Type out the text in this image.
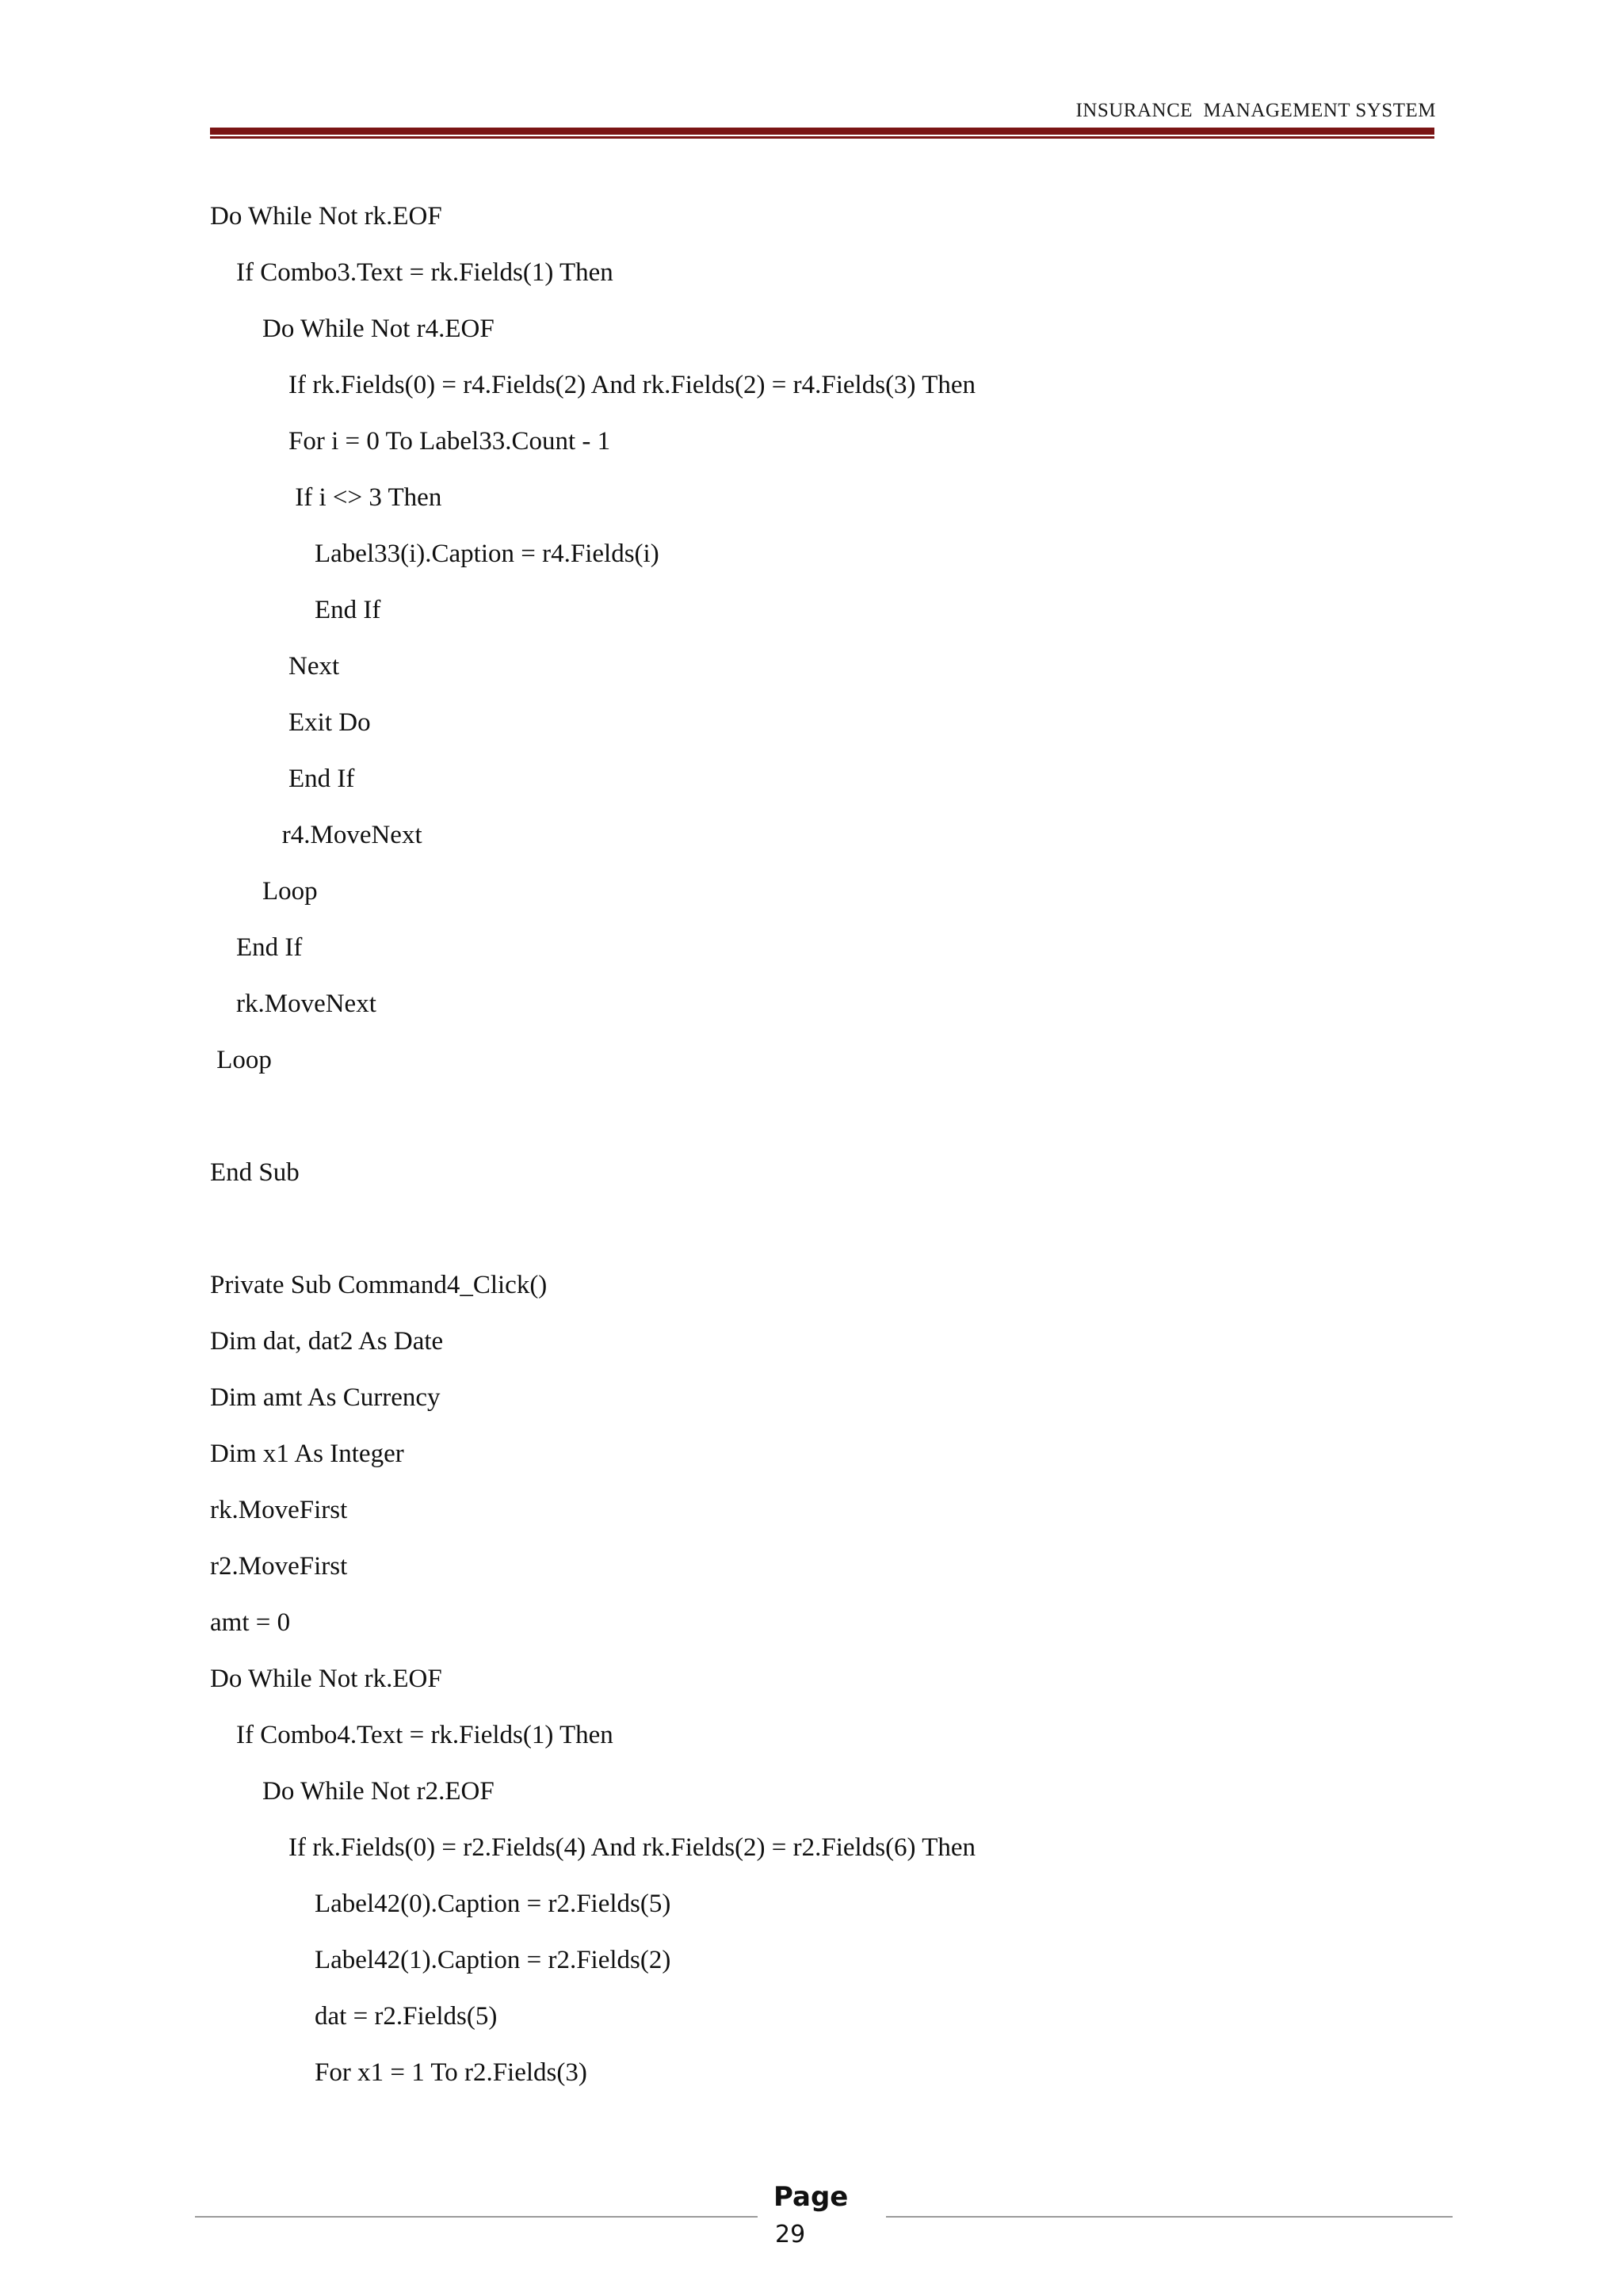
INSURANCE  MANAGEMENT SYSTEM
Do While Not rk.EOF
If Combo3.Text = rk.Fields(1) Then
Do While Not r4.EOF
If rk.Fields(0) = r4.Fields(2) And rk.Fields(2) = r4.Fields(3) Then
For i = 0 To Label33.Count - 1
If i <> 3 Then
Label33(i).Caption = r4.Fields(i)
End If
Next
Exit Do
End If
r4.MoveNext
Loop
End If
rk.MoveNext
Loop
End Sub
Private Sub Command4_Click()
Dim dat, dat2 As Date
Dim amt As Currency
Dim x1 As Integer
rk.MoveFirst
r2.MoveFirst
amt = 0
Do While Not rk.EOF
If Combo4.Text = rk.Fields(1) Then
Do While Not r2.EOF
If rk.Fields(0) = r2.Fields(4) And rk.Fields(2) = r2.Fields(6) Then
Label42(0).Caption = r2.Fields(5)
Label42(1).Caption = r2.Fields(2)
dat = r2.Fields(5)
For x1 = 1 To r2.Fields(3)
Page
29
